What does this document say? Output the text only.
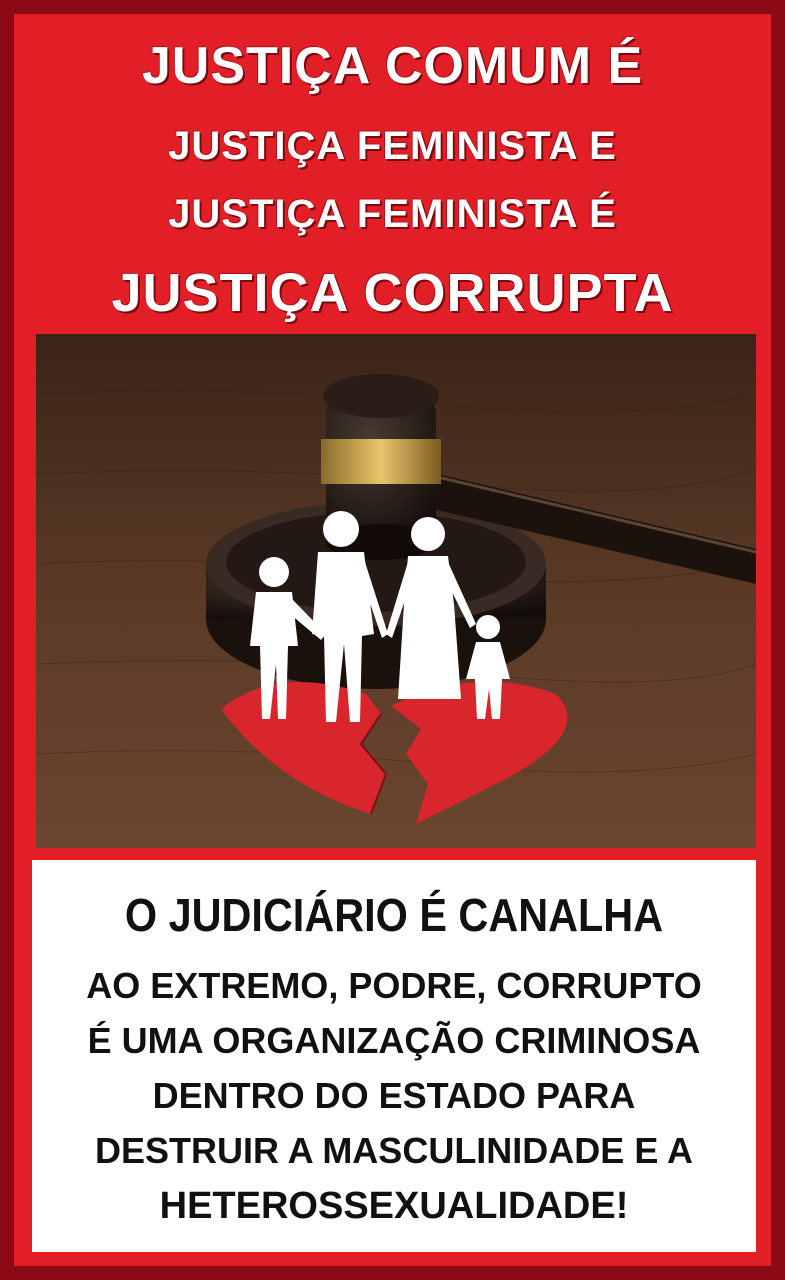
JUSTIÇA COMUM É
JUSTIÇA FEMINISTA E
JUSTIÇA FEMINISTA É
JUSTIÇA CORRUPTA
O JUDICIÁRIO É CANALHA
AO EXTREMO, PODRE, CORRUPTO
É UMA ORGANIZAÇÃO CRIMINOSA
DENTRO DO ESTADO PARA
DESTRUIR A MASCULINIDADE E A
HETEROSSEXUALIDADE!
